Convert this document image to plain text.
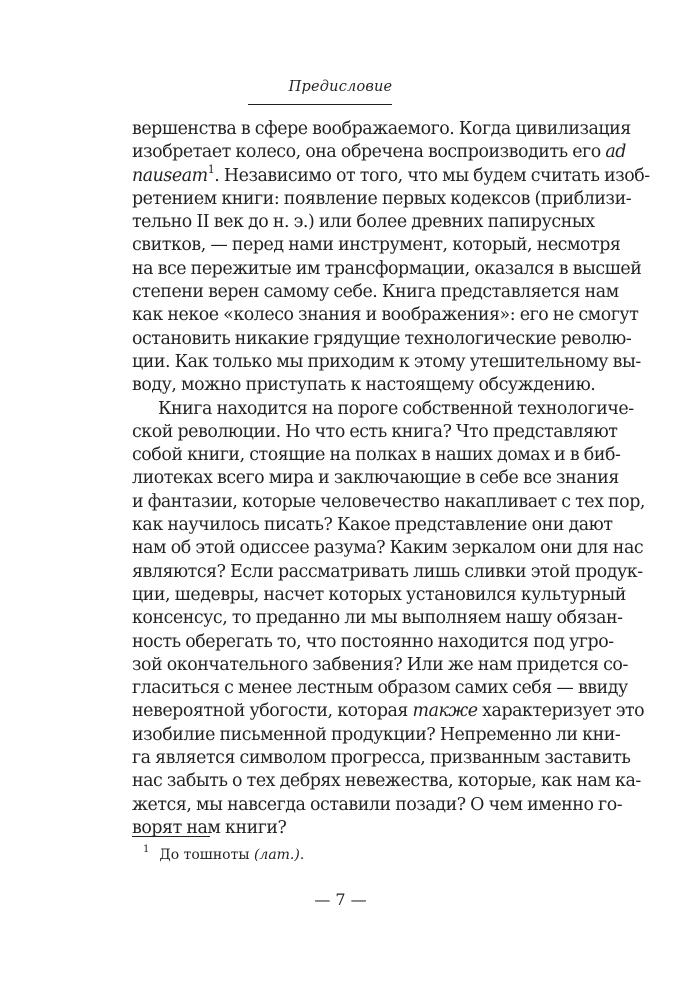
Предисловие
вершенства в сфере воображаемого. Когда цивилизация
изобретает колесо, она обречена воспроизводить его ad
nauseam$^1$. Независимо от того, что мы будем считать изоб-
ретением книги: появление первых кодексов (приблизи-
тельно II век до н. э.) или более древних папирусных
свитков, — перед нами инструмент, который, несмотря
на все пережитые им трансформации, оказался в высшей
степени верен самому себе. Книга представляется нам
как некое «колесо знания и воображения»: его не смогут
остановить никакие грядущие технологические револю-
ции. Как только мы приходим к этому утешительному вы-
воду, можно приступать к настоящему обсуждению.
Книга находится на пороге собственной технологиче-
ской революции. Но что есть книга? Что представляют
собой книги, стоящие на полках в наших домах и в биб-
лиотеках всего мира и заключающие в себе все знания
и фантазии, которые человечество накапливает с тех пор,
как научилось писать? Какое представление они дают
нам об этой одиссее разума? Каким зеркалом они для нас
являются? Если рассматривать лишь сливки этой продук-
ции, шедевры, насчет которых установился культурный
консенсус, то преданно ли мы выполняем нашу обязан-
ность оберегать то, что постоянно находится под угро-
зой окончательного забвения? Или же нам придется со-
гласиться с менее лестным образом самих себя — ввиду
невероятной убогости, которая также характеризует это
изобилие письменной продукции? Непременно ли кни-
га является символом прогресса, призванным заставить
нас забыть о тех дебрях невежества, которые, как нам ка-
жется, мы навсегда оставили позади? О чем именно го-
ворят нам книги?
$^1$ До тошноты (лат.).
— 7 —
